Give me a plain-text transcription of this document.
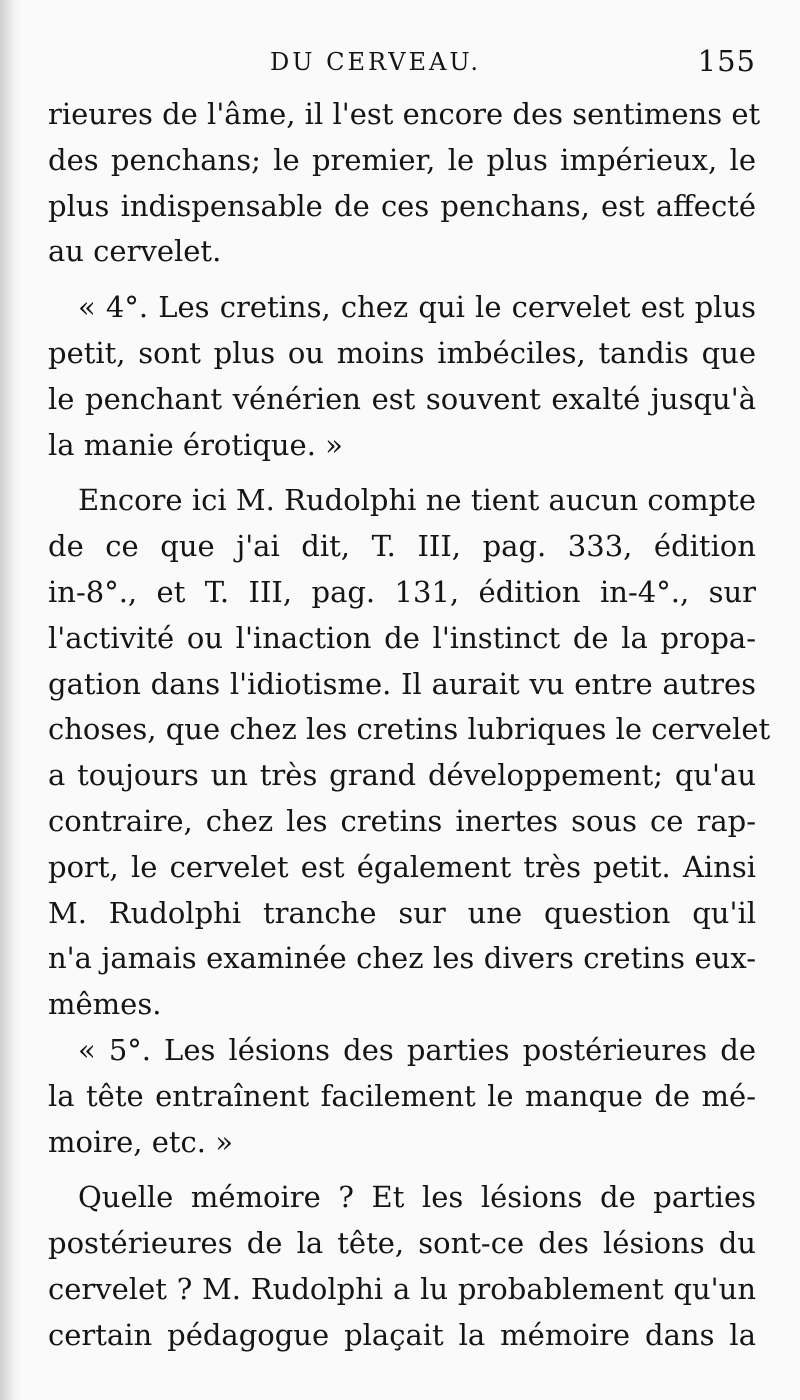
DU CERVEAU.	155
rieures de l'âme, il l'est encore des sentimens et
des penchans; le premier, le plus impérieux, le
plus indispensable de ces penchans, est affecté
au cervelet.
« 4°. Les cretins, chez qui le cervelet est plus
petit, sont plus ou moins imbéciles, tandis que
le penchant vénérien est souvent exalté jusqu'à
la manie érotique. »
Encore ici M. Rudolphi ne tient aucun compte
de ce que j'ai dit, T. III, pag. 333, édition
in-8°., et T. III, pag. 131, édition in-4°., sur
l'activité ou l'inaction de l'instinct de la propa-
gation dans l'idiotisme. Il aurait vu entre autres
choses, que chez les cretins lubriques le cervelet
a toujours un très grand développement; qu'au
contraire, chez les cretins inertes sous ce rap-
port, le cervelet est également très petit. Ainsi
M. Rudolphi tranche sur une question qu'il
n'a jamais examinée chez les divers cretins eux-
mêmes.
« 5°. Les lésions des parties postérieures de
la tête entraînent facilement le manque de mé-
moire, etc. »
Quelle mémoire ? Et les lésions de parties
postérieures de la tête, sont-ce des lésions du
cervelet ? M. Rudolphi a lu probablement qu'un
certain pédagogue plaçait la mémoire dans la
